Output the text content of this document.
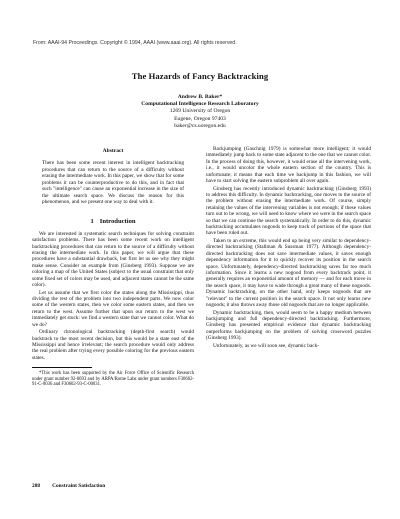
From: AAAI-94 Proceedings. Copyright © 1994, AAAI (www.aaai.org). All rights reserved.
The Hazards of Fancy Backtracking
Andrew B. Baker*
Computational Intelligence Research Laboratory
1269 University of Oregon
Eugene, Oregon 97403
baker@cs.uoregon.edu
Abstract
There has been some recent interest in intelligent backtracking procedures that can return to the source of a difficulty without erasing the intermediate work. In this paper, we show that for some problems it can be counterproductive to do this, and in fact that such "intelligence" can cause an exponential increase in the size of the ultimate search space. We discuss the reason for this phenomenon, and we present one way to deal with it.
1 Introduction

We are interested in systematic search techniques for solving constraint satisfaction problems. There has been some recent work on intelligent backtracking procedures that can return to the source of a difficulty without erasing the intermediate work. In this paper, we will argue that these procedures have a substantial drawback, but first let us see why they might make sense. Consider an example from (Ginsberg 1993). Suppose we are coloring a map of the United States (subject to the usual constraint that only some fixed set of colors may be used, and adjacent states cannot be the same color).

Let us assume that we first color the states along the Mississippi, thus dividing the rest of the problem into two independent parts. We now color some of the western states, then we color some eastern states, and then we return to the west. Assume further that upon our return to the west we immediately get stuck: we find a western state that we cannot color. What do we do?

Ordinary chronological backtracking (depth-first search) would backtrack to the most recent decision, but this would be a state east of the Mississippi and hence irrelevant; the search procedure would only address the real problem after trying every possible coloring for the previous eastern states.

*This work has been supported by the Air Force Office of Scientific Research under grant number 92-0693 and by ARPA/Rome Labs under grant numbers F30602-91-C-0036 and F30602-93-C-00031.

Backjumping (Gaschnig 1979) is somewhat more intelligent; it would immediately jump back to some state adjacent to the one that we cannot color. In the process of doing this, however, it would erase all the intervening work, i.e., it would uncolor the whole eastern section of the country. This is unfortunate; it means that each time we backjump in this fashion, we will have to start solving the eastern subproblem all over again.

Ginsberg has recently introduced dynamic backtracking (Ginsberg 1993) to address this difficulty. In dynamic backtracking, one moves to the source of the problem without erasing the intermediate work. Of course, simply retaining the values of the intervening variables is not enough; if these values turn out to be wrong, we will need to know where we were in the search space so that we can continue the search systematically. In order to do this, dynamic backtracking accumulates nogoods to keep track of portions of the space that have been ruled out.

Taken to an extreme, this would end up being very similar to dependency-directed backtracking (Stallman & Sussman 1977). Although dependency-directed backtracking does not save intermediate values, it saves enough dependency information for it to quickly recover its position in the search space. Unfortunately, dependency-directed backtracking saves far too much information. Since it learns a new nogood from every backtrack point, it generally requires an exponential amount of memory — and for each move in the search space, it may have to wade through a great many of these nogoods. Dynamic backtracking, on the other hand, only keeps nogoods that are "relevant" to the current position in the search space. It not only learns new nogoods; it also throws away those old nogoods that are no longer applicable.

Dynamic backtracking, then, would seem to be a happy medium between backjumping and full dependency-directed backtracking. Furthermore, Ginsberg has presented empirical evidence that dynamic backtracking outperforms backjumping on the problem of solving crossword puzzles (Ginsberg 1993).

Unfortunately, as we will soon see, dynamic back-

288 Constraint Satisfaction
